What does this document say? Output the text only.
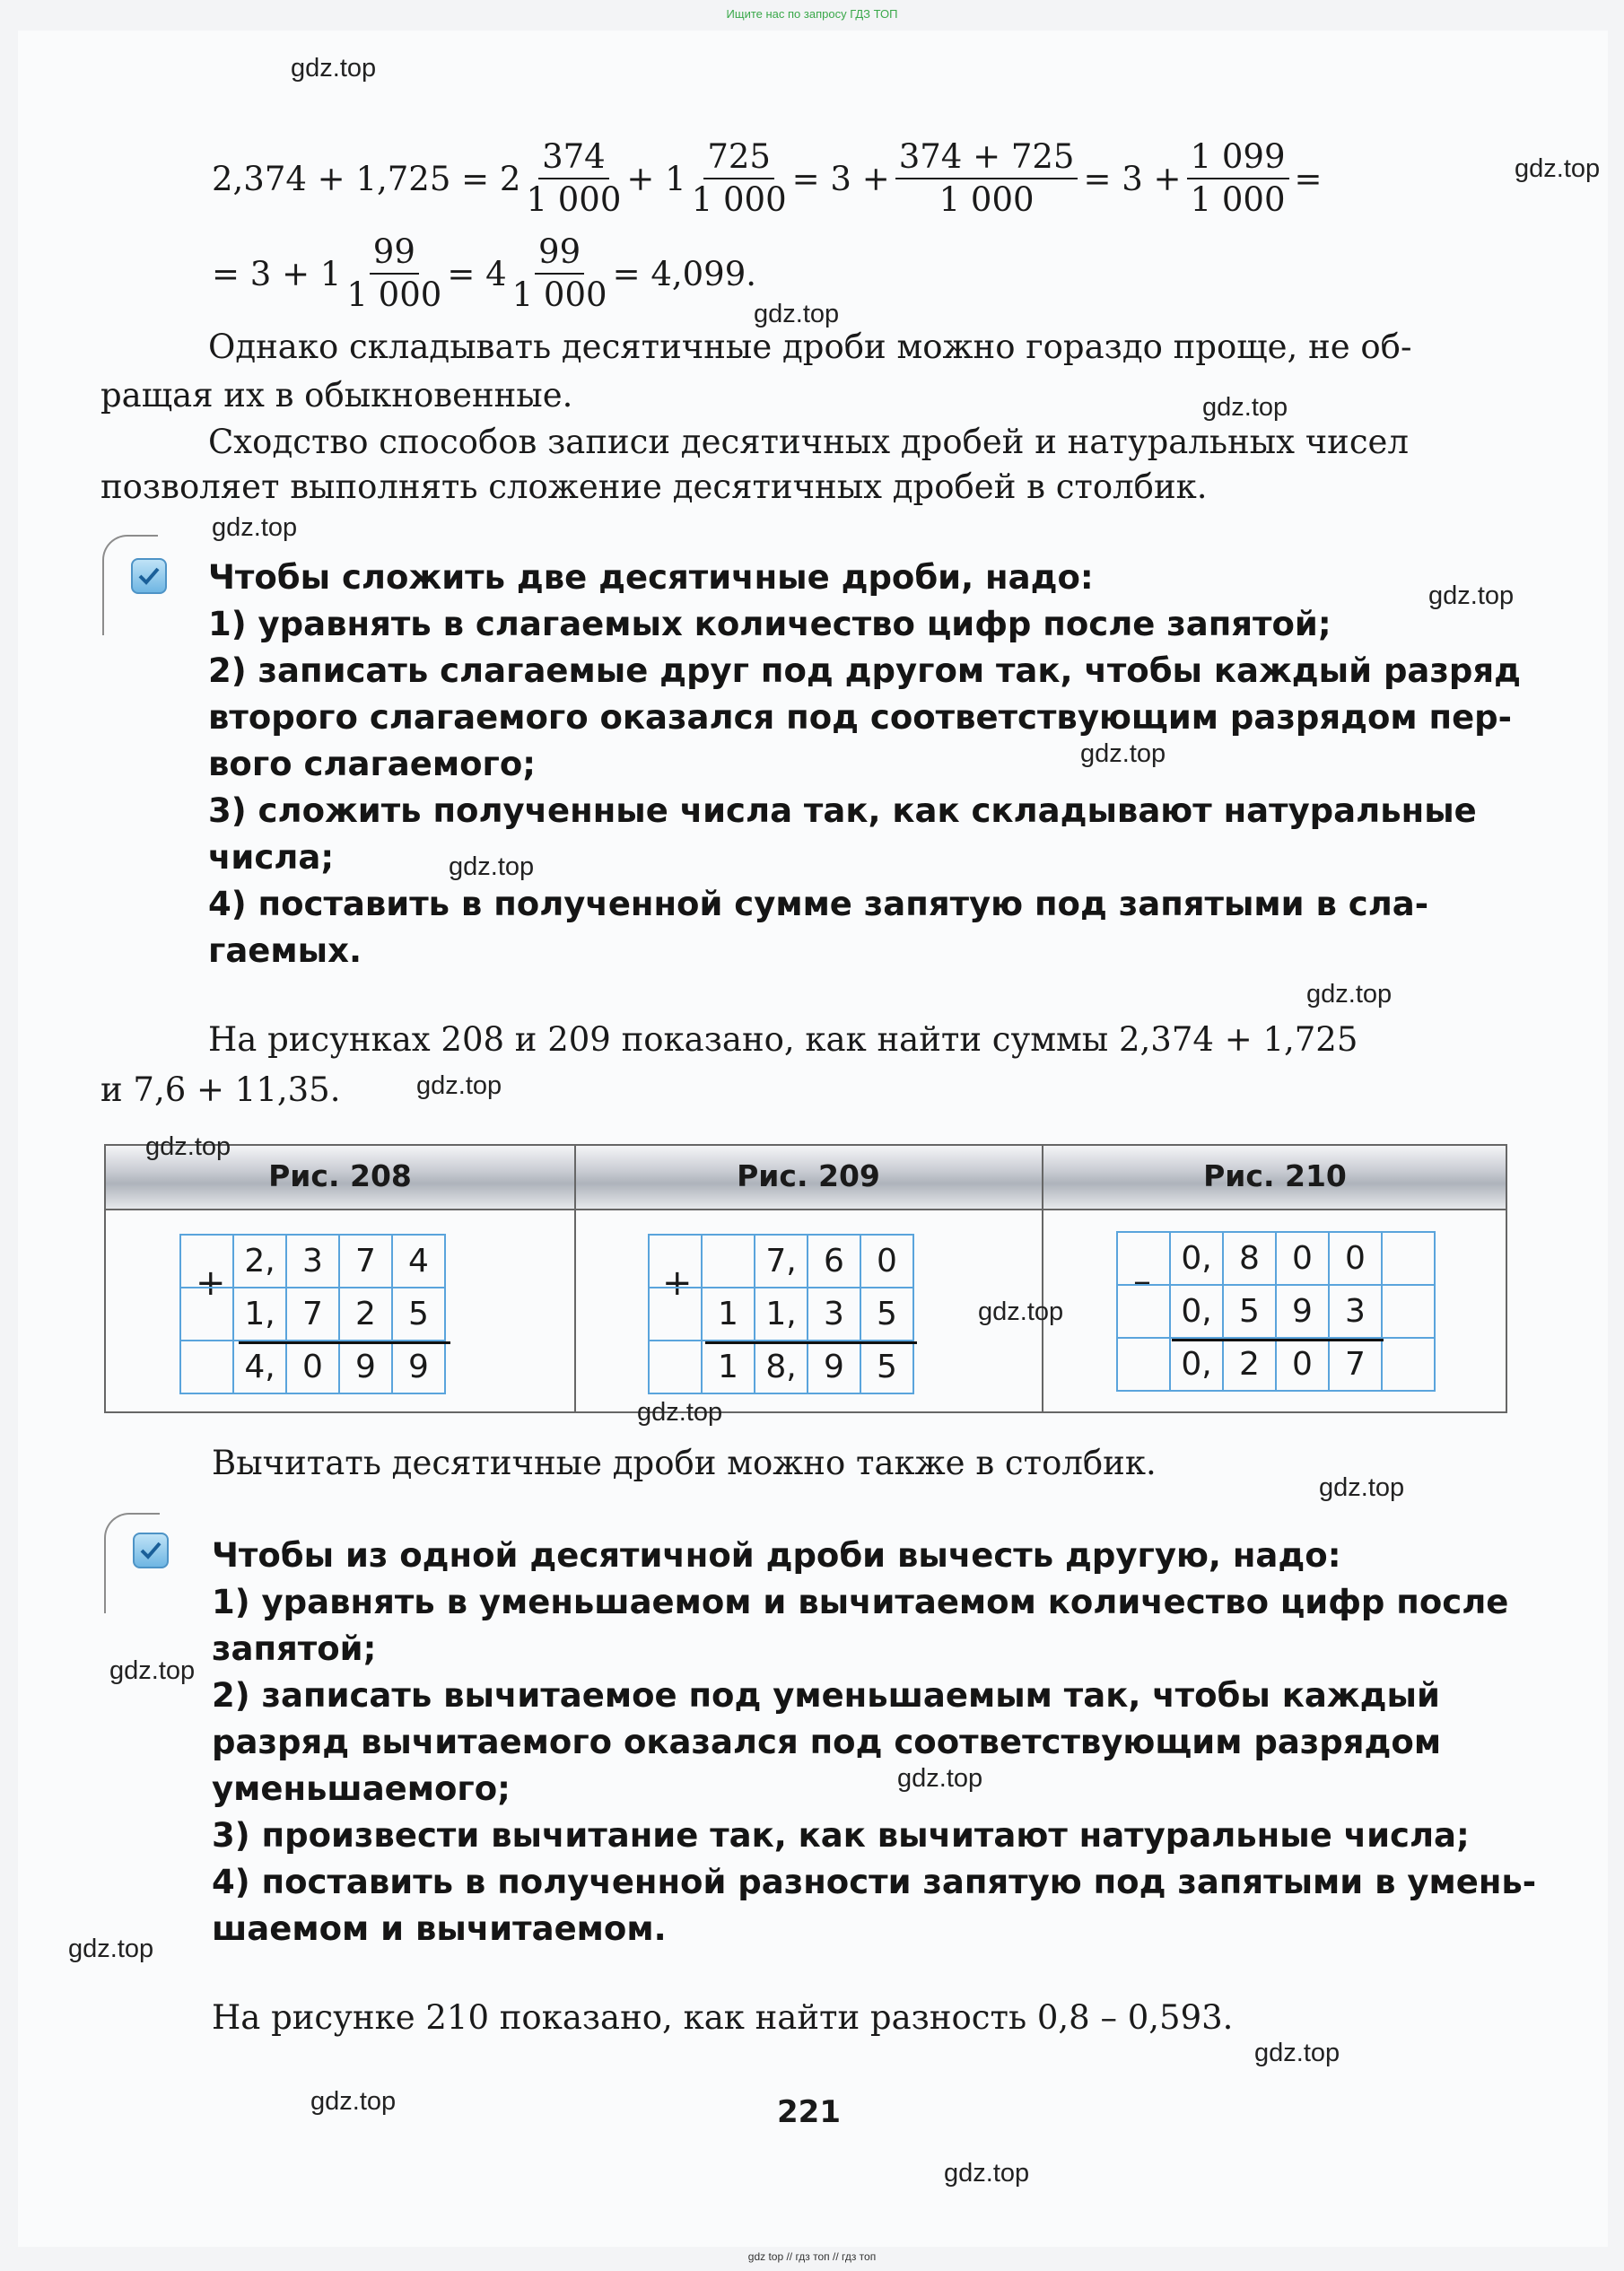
Ищите нас по запросу ГДЗ ТОП
$2,374 + 1,725 = 2 \frac{374}{1 000} + 1 \frac{725}{1 000} = 3 + \frac{374 + 725}{1 000} = 3 + \frac{1 099}{1 000}$ =
= $3 + 1 \frac{99}{1 000} = 4 \frac{99}{1 000} = 4,099$.
Однако складывать десятичные дроби можно гораздо проще, не об-
ращая их в обыкновенные.
Сходство способов записи десятичных дробей и натуральных чисел
позволяет выполнять сложение десятичных дробей в столбик.
Чтобы сложить две десятичные дроби, надо:
1) уравнять в слагаемых количество цифр после запятой;
2) записать слагаемые друг под другом так, чтобы каждый разряд
второго слагаемого оказался под соответствующим разрядом пер-
вого слагаемого;
3) сложить полученные числа так, как складывают натуральные
числа;
4) поставить в полученной сумме запятую под запятыми в сла-
гаемых.
На рисунках 208 и 209 показано, как найти суммы 2,374 + 1,725
и 7,6 + 11,35.
Рис. 208	Рис. 209	Рис. 210
+
	2,	3	7	4
	1,	7	2	5
	4,	0	9	9
+
		7,	6	0
	1	1,	3	5
	1	8,	9	5
–
	0,	8	0	0	
	0,	5	9	3	
	0,	2	0	7	
Вычитать десятичные дроби можно также в столбик.
Чтобы из одной десятичной дроби вычесть другую, надо:
1) уравнять в уменьшаемом и вычитаемом количество цифр после
запятой;
2) записать вычитаемое под уменьшаемым так, чтобы каждый
разряд вычитаемого оказался под соответствующим разрядом
уменьшаемого;
3) произвести вычитание так, как вычитают натуральные числа;
4) поставить в полученной разности запятую под запятыми в умень-
шаемом и вычитаемом.
На рисунке 210 показано, как найти разность 0,8 – 0,593.
221
gdz.top
gdz.top
gdz.top
gdz.top
gdz.top
gdz.top
gdz.top
gdz.top
gdz.top
gdz.top
gdz.top
gdz.top
gdz.top
gdz.top
gdz.top
gdz.top
gdz.top
gdz.top
gdz.top
gdz.top
gdz top // гдз топ // гдз топ
